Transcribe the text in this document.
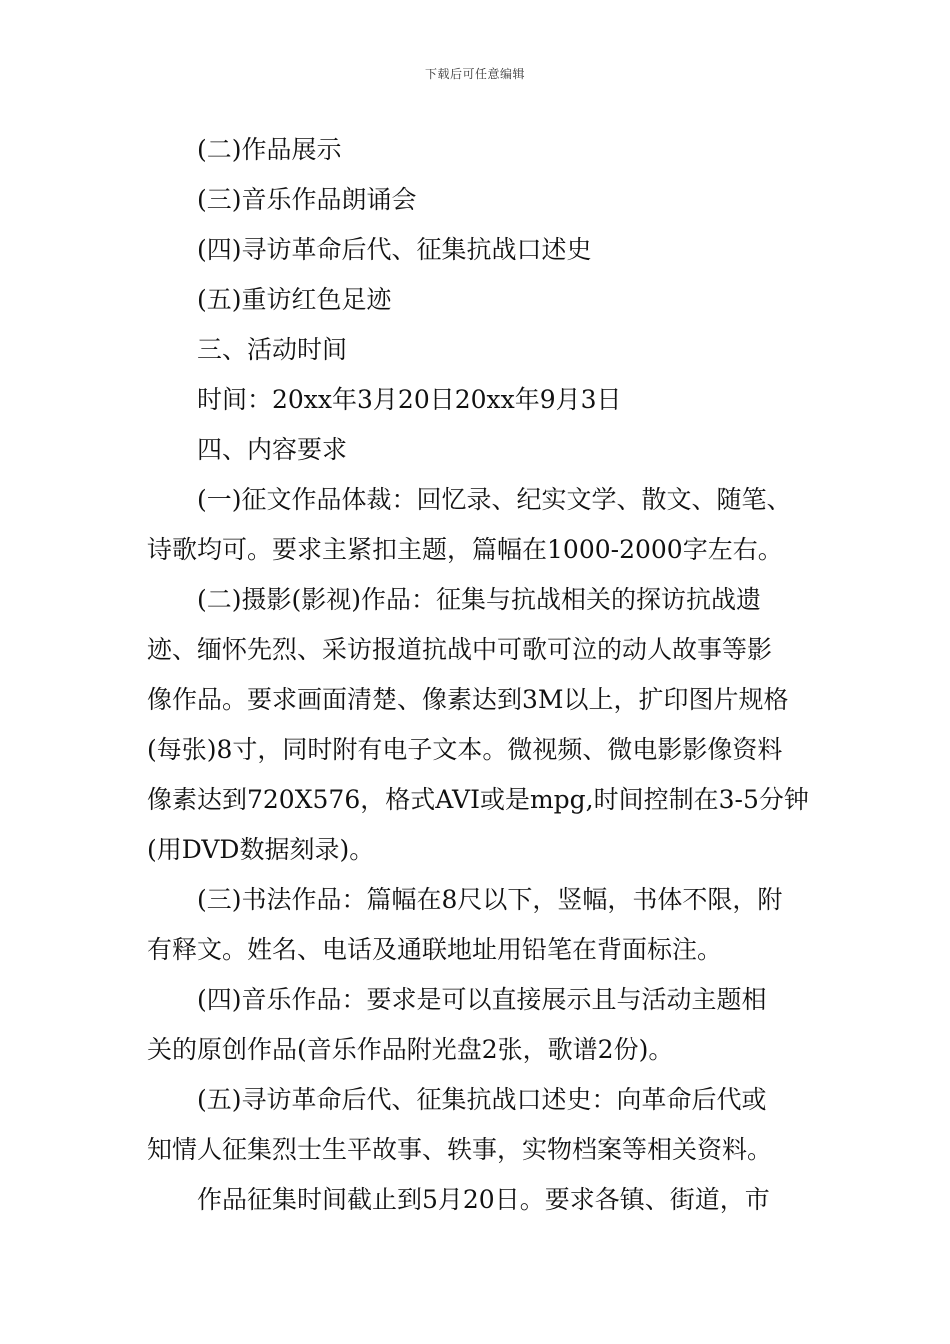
下载后可任意编辑
(二)作品展示
(三)音乐作品朗诵会
(四)寻访革命后代、征集抗战口述史
(五)重访红色足迹
三、活动时间
时间：20xx年3月20日20xx年9月3日
四、内容要求
(一)征文作品体裁：回忆录、纪实文学、散文、随笔、
诗歌均可。要求主紧扣主题，篇幅在1000-2000字左右。
(二)摄影(影视)作品：征集与抗战相关的探访抗战遗
迹、缅怀先烈、采访报道抗战中可歌可泣的动人故事等影
像作品。要求画面清楚、像素达到3M以上，扩印图片规格
(每张)8寸，同时附有电子文本。微视频、微电影影像资料
像素达到720X576，格式AVI或是mpg,时间控制在3-5分钟
(用DVD数据刻录)。
(三)书法作品：篇幅在8尺以下，竖幅，书体不限，附
有释文。姓名、电话及通联地址用铅笔在背面标注。
(四)音乐作品：要求是可以直接展示且与活动主题相
关的原创作品(音乐作品附光盘2张，歌谱2份)。
(五)寻访革命后代、征集抗战口述史：向革命后代或
知情人征集烈士生平故事、轶事，实物档案等相关资料。
作品征集时间截止到5月20日。要求各镇、街道，市
